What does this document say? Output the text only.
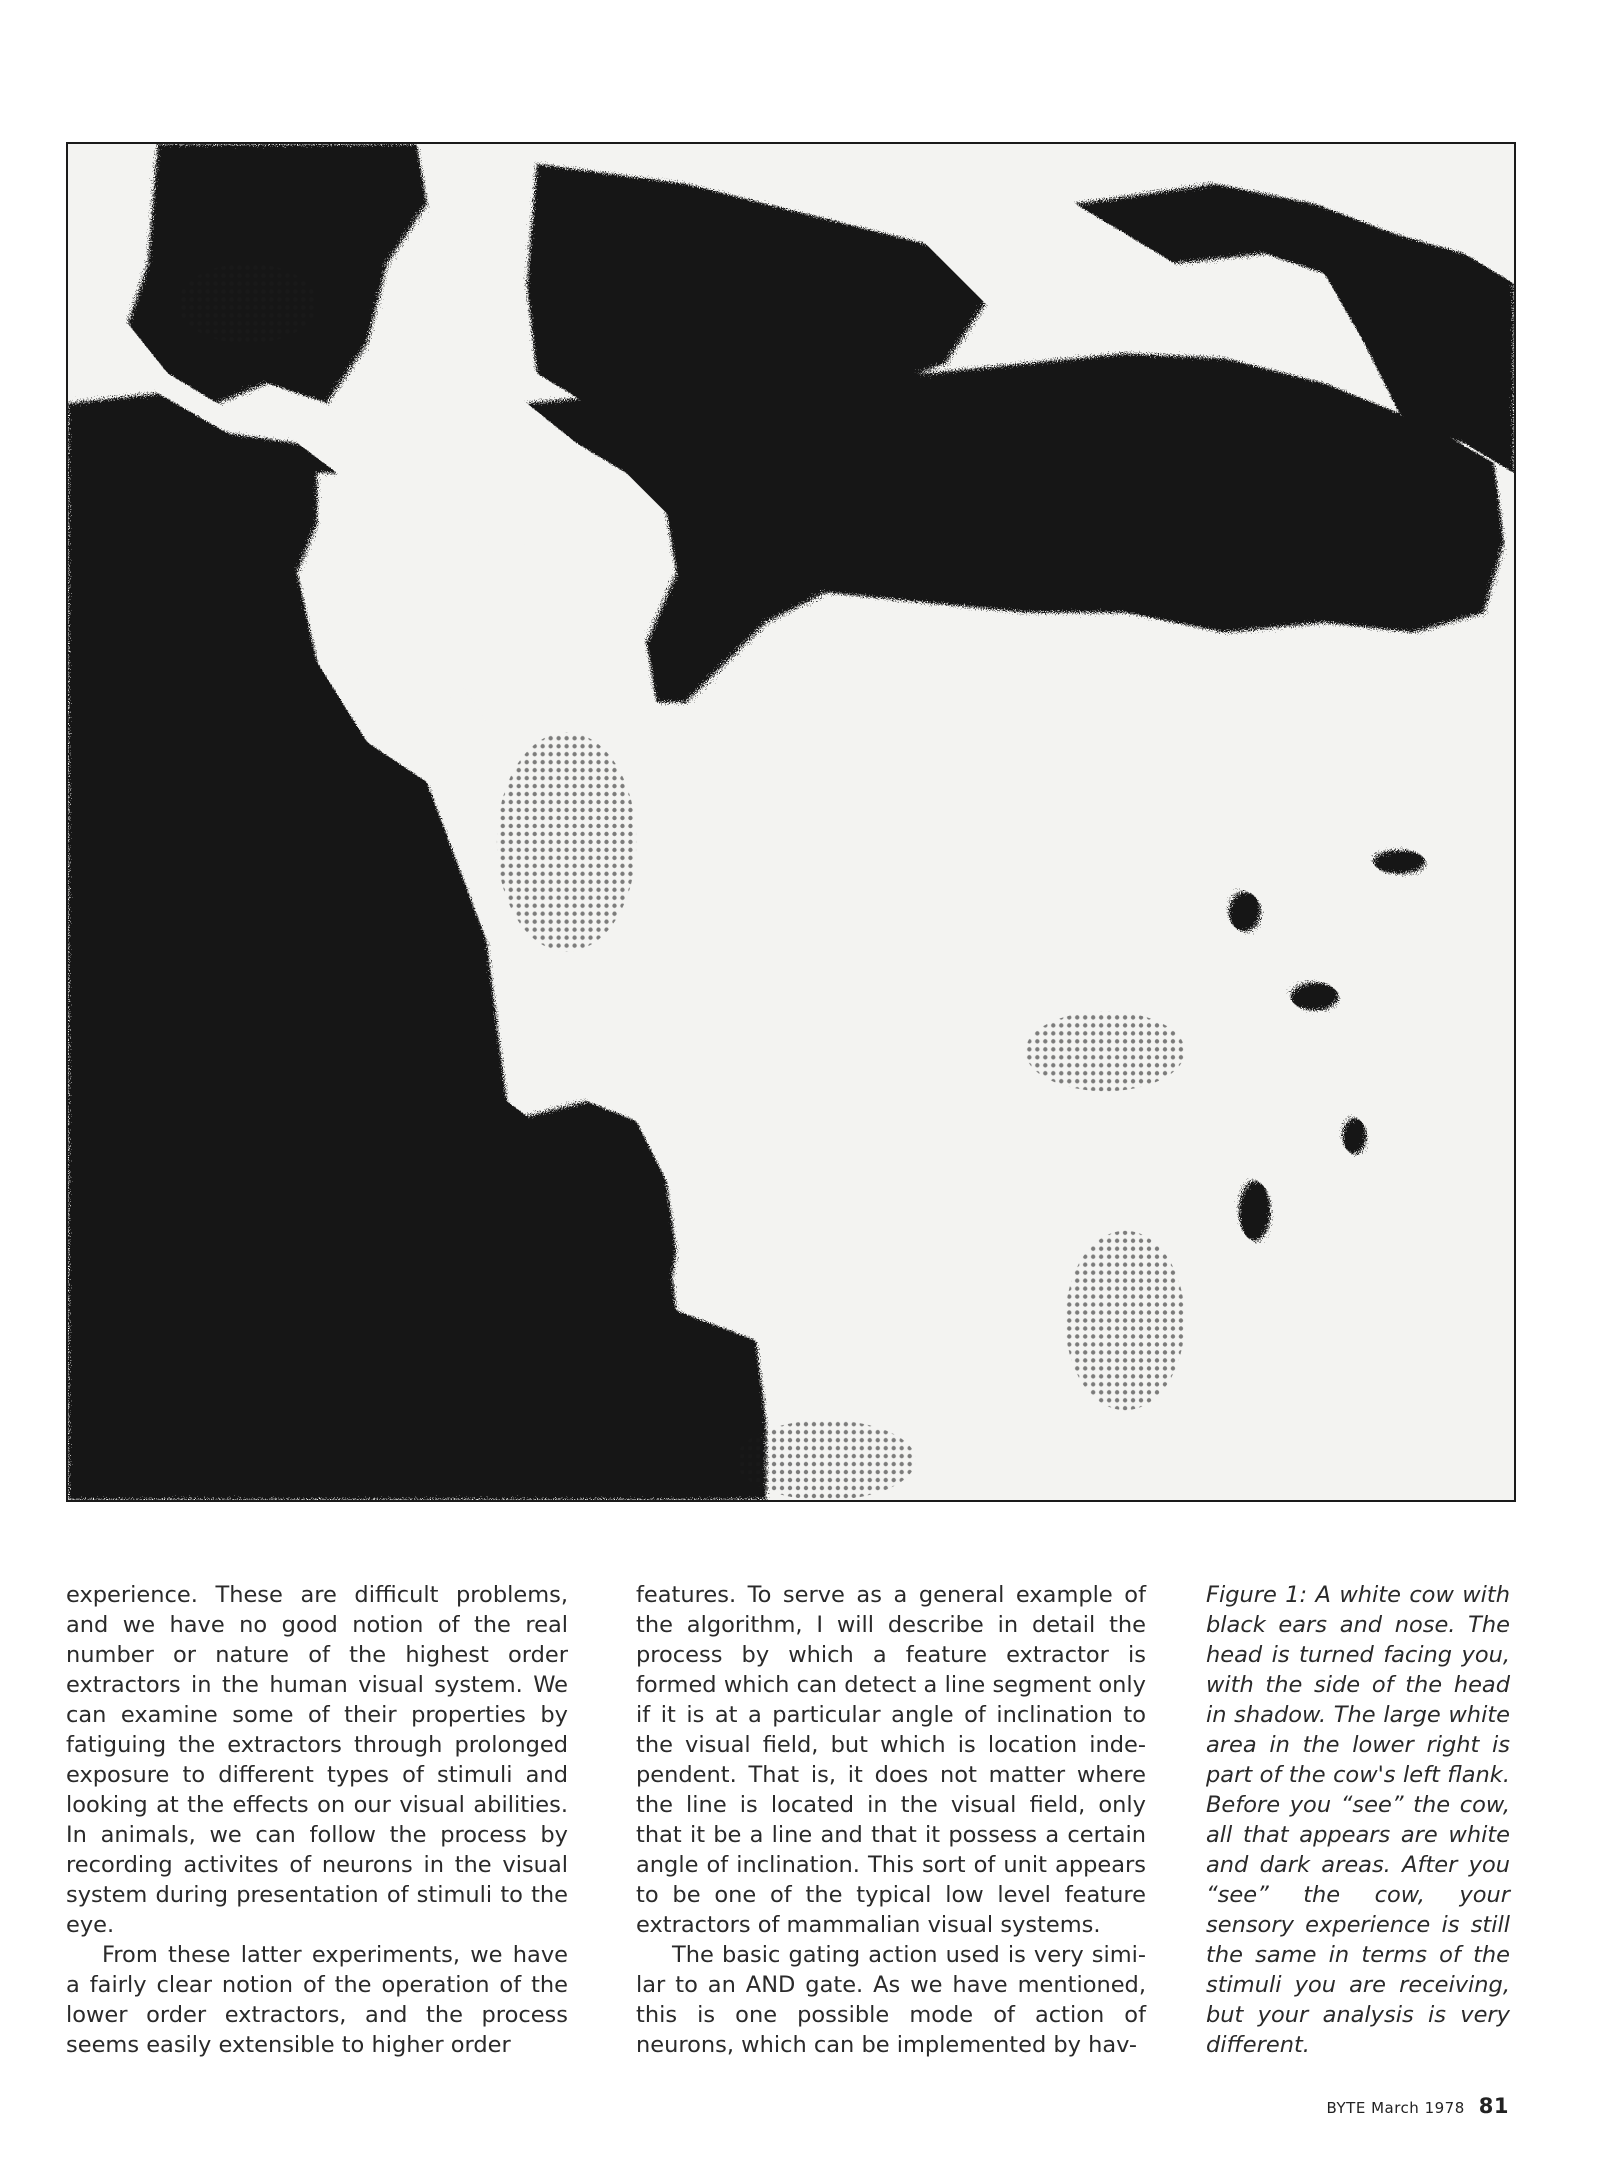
experience. These are difficult problems, and we have no good notion of the real number or nature of the highest order extractors in the human visual system. We can examine some of their properties by fatiguing the extractors through prolonged exposure to different types of stimuli and looking at the effects on our visual abilities. In animals, we can follow the process by recording activites of neurons in the visual system during presentation of stimuli to the eye.

From these latter experiments, we have a fairly clear notion of the operation of the lower order extractors, and the process seems easily extensible to higher order

features. To serve as a general example of the algorithm, I will describe in detail the process by which a feature extractor is formed which can detect a line segment only if it is at a particular angle of inclination to the visual field, but which is location independent. That is, it does not matter where the line is located in the visual field, only that it be a line and that it possess a certain angle of inclination. This sort of unit appears to be one of the typical low level feature extractors of mammalian visual systems.

The basic gating action used is very similar to an AND gate. As we have mentioned, this is one possible mode of action of neurons, which can be implemented by hav-

Figure 1: A white cow with black ears and nose. The head is turned facing you, with the side of the head in shadow. The large white area in the lower right is part of the cow's left flank. Before you “see” the cow, all that appears are white and dark areas. After you “see” the cow, your sensory experience is still the same in terms of the stimuli you are receiving, but your analysis is very different.

BYTE March 1978 81
